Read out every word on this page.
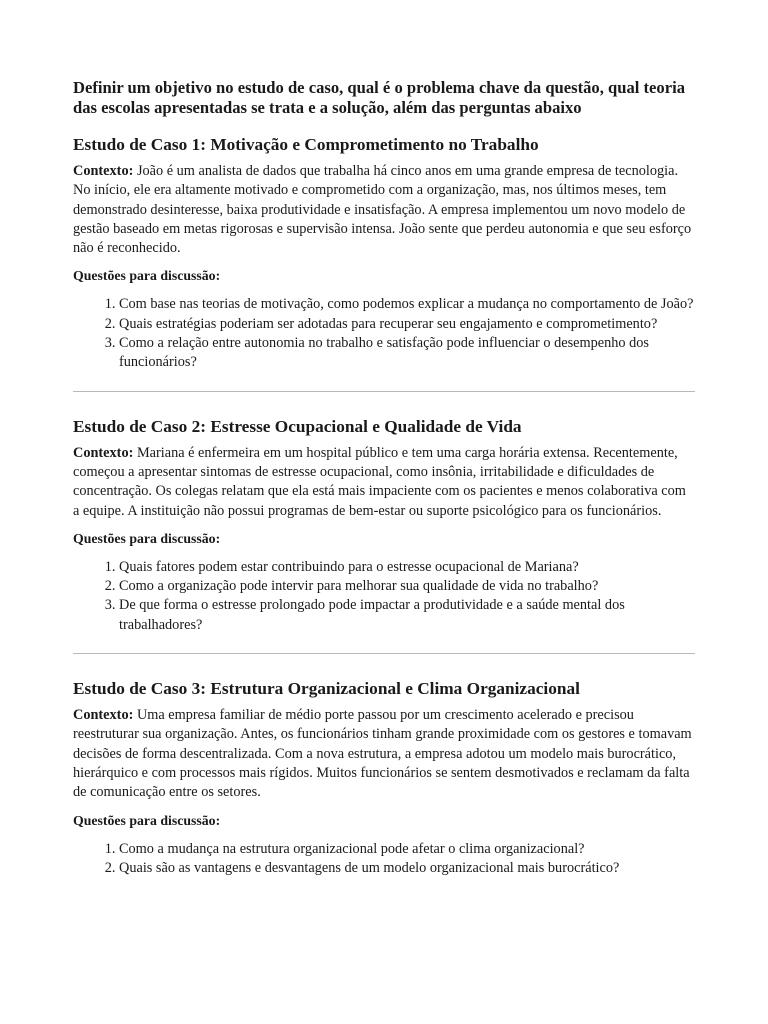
Definir um objetivo no estudo de caso, qual é o problema chave da questão, qual teoria das escolas apresentadas se trata e a solução, além das perguntas abaixo

Estudo de Caso 1: Motivação e Comprometimento no Trabalho

Contexto: João é um analista de dados que trabalha há cinco anos em uma grande empresa de tecnologia. No início, ele era altamente motivado e comprometido com a organização, mas, nos últimos meses, tem demonstrado desinteresse, baixa produtividade e insatisfação. A empresa implementou um novo modelo de gestão baseado em metas rigorosas e supervisão intensa. João sente que perdeu autonomia e que seu esforço não é reconhecido.

Questões para discussão:

1. Com base nas teorias de motivação, como podemos explicar a mudança no comportamento de João?
2. Quais estratégias poderiam ser adotadas para recuperar seu engajamento e comprometimento?
3. Como a relação entre autonomia no trabalho e satisfação pode influenciar o desempenho dos funcionários?
Estudo de Caso 2: Estresse Ocupacional e Qualidade de Vida

Contexto: Mariana é enfermeira em um hospital público e tem uma carga horária extensa. Recentemente, começou a apresentar sintomas de estresse ocupacional, como insônia, irritabilidade e dificuldades de concentração. Os colegas relatam que ela está mais impaciente com os pacientes e menos colaborativa com a equipe. A instituição não possui programas de bem-estar ou suporte psicológico para os funcionários.

Questões para discussão:

1. Quais fatores podem estar contribuindo para o estresse ocupacional de Mariana?
2. Como a organização pode intervir para melhorar sua qualidade de vida no trabalho?
3. De que forma o estresse prolongado pode impactar a produtividade e a saúde mental dos trabalhadores?
Estudo de Caso 3: Estrutura Organizacional e Clima Organizacional

Contexto: Uma empresa familiar de médio porte passou por um crescimento acelerado e precisou reestruturar sua organização. Antes, os funcionários tinham grande proximidade com os gestores e tomavam decisões de forma descentralizada. Com a nova estrutura, a empresa adotou um modelo mais burocrático, hierárquico e com processos mais rígidos. Muitos funcionários se sentem desmotivados e reclamam da falta de comunicação entre os setores.

Questões para discussão:

1. Como a mudança na estrutura organizacional pode afetar o clima organizacional?
2. Quais são as vantagens e desvantagens de um modelo organizacional mais burocrático?
